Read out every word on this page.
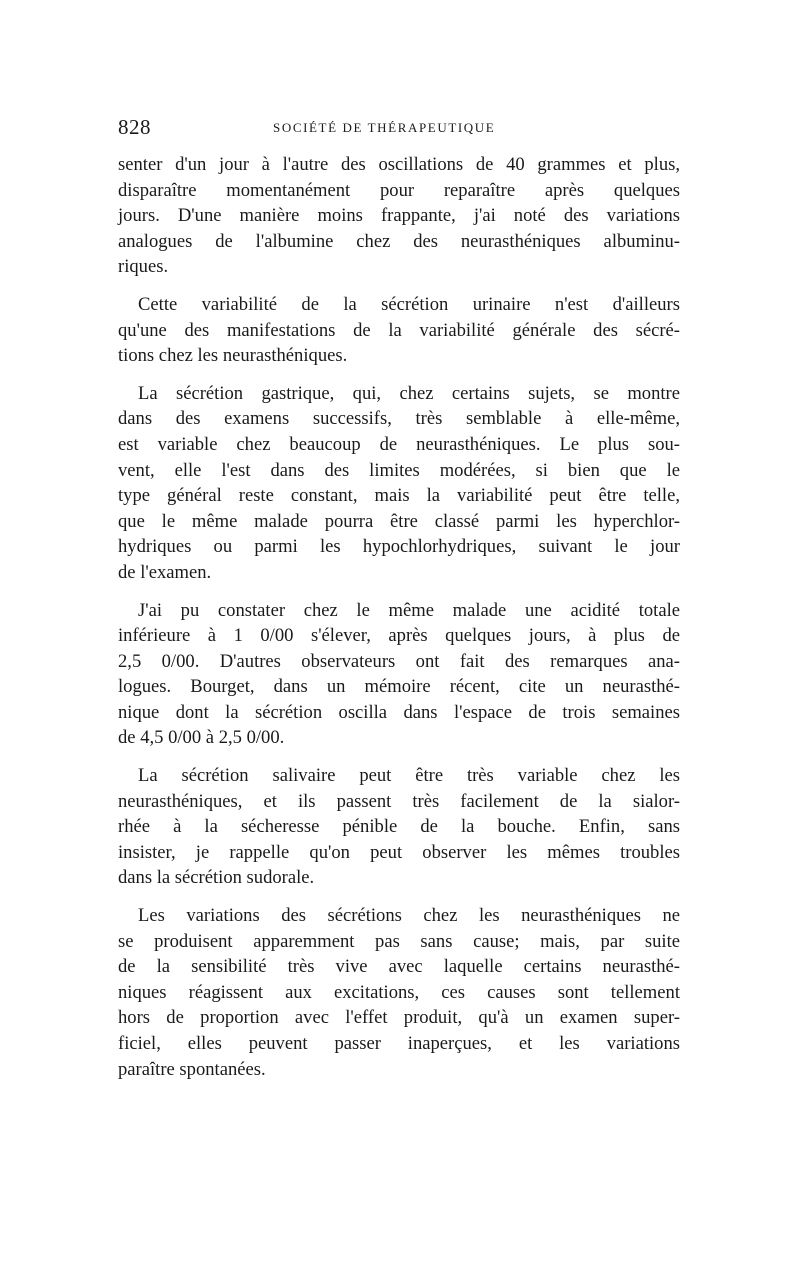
828	SOCIÉTÉ DE THÉRAPEUTIQUE

senter d'un jour à l'autre des oscillations de 40 grammes et plus,
disparaître momentanément pour reparaître après quelques
jours. D'une manière moins frappante, j'ai noté des variations
analogues de l'albumine chez des neurasthéniques albuminu-
riques.

Cette variabilité de la sécrétion urinaire n'est d'ailleurs
qu'une des manifestations de la variabilité générale des sécré-
tions chez les neurasthéniques.

La sécrétion gastrique, qui, chez certains sujets, se montre
dans des examens successifs, très semblable à elle-même,
est variable chez beaucoup de neurasthéniques. Le plus sou-
vent, elle l'est dans des limites modérées, si bien que le
type général reste constant, mais la variabilité peut être telle,
que le même malade pourra être classé parmi les hyperchlor-
hydriques ou parmi les hypochlorhydriques, suivant le jour
de l'examen.

J'ai pu constater chez le même malade une acidité totale
inférieure à 1 0/00 s'élever, après quelques jours, à plus de
2,5 0/00. D'autres observateurs ont fait des remarques ana-
logues. Bourget, dans un mémoire récent, cite un neurasthé-
nique dont la sécrétion oscilla dans l'espace de trois semaines
de 4,5 0/00 à 2,5 0/00.

La sécrétion salivaire peut être très variable chez les
neurasthéniques, et ils passent très facilement de la sialor-
rhée à la sécheresse pénible de la bouche. Enfin, sans
insister, je rappelle qu'on peut observer les mêmes troubles
dans la sécrétion sudorale.

Les variations des sécrétions chez les neurasthéniques ne
se produisent apparemment pas sans cause; mais, par suite
de la sensibilité très vive avec laquelle certains neurasthé-
niques réagissent aux excitations, ces causes sont tellement
hors de proportion avec l'effet produit, qu'à un examen super-
ficiel, elles peuvent passer inaperçues, et les variations
paraître spontanées.
